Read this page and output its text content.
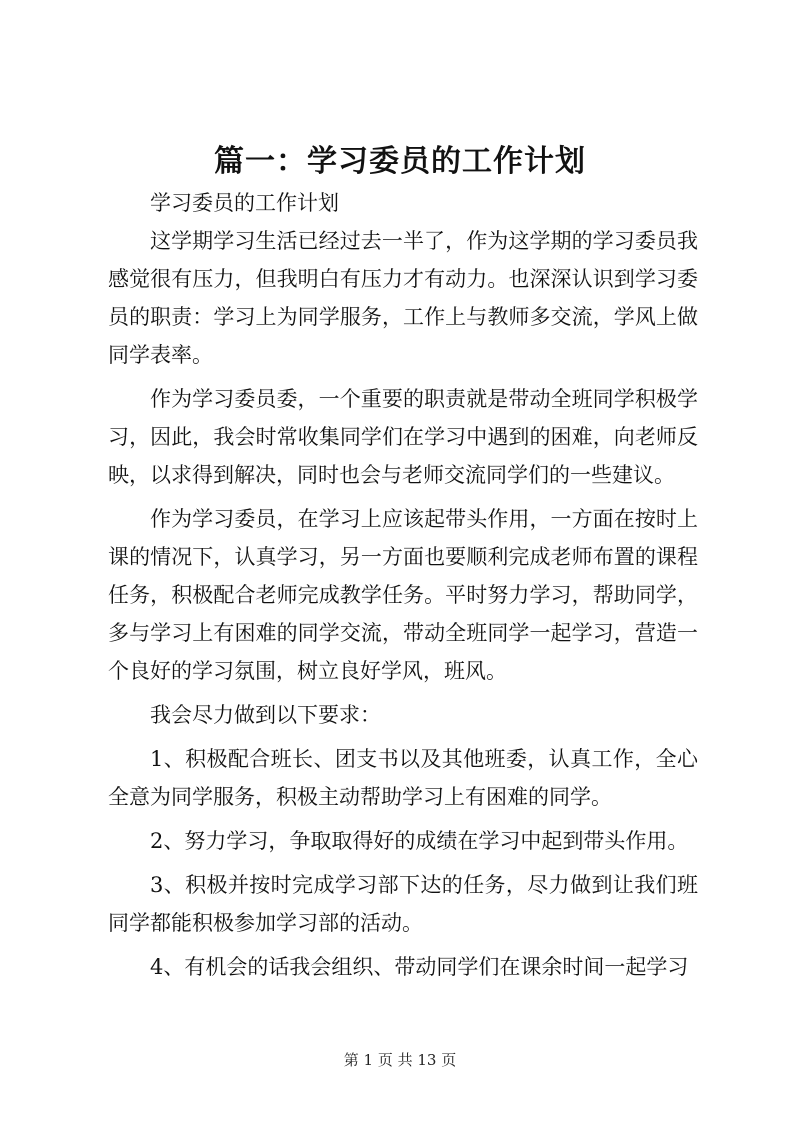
篇一：学习委员的工作计划

学习委员的工作计划

这学期学习生活已经过去一半了，作为这学期的学习委员我感觉很有压力，但我明白有压力才有动力。也深深认识到学习委员的职责：学习上为同学服务，工作上与教师多交流，学风上做同学表率。

作为学习委员委，一个重要的职责就是带动全班同学积极学习，因此，我会时常收集同学们在学习中遇到的困难，向老师反映，以求得到解决，同时也会与老师交流同学们的一些建议。

作为学习委员，在学习上应该起带头作用，一方面在按时上课的情况下，认真学习，另一方面也要顺利完成老师布置的课程任务，积极配合老师完成教学任务。平时努力学习，帮助同学，多与学习上有困难的同学交流，带动全班同学一起学习，营造一个良好的学习氛围，树立良好学风，班风。

我会尽力做到以下要求：

1、积极配合班长、团支书以及其他班委，认真工作，全心全意为同学服务，积极主动帮助学习上有困难的同学。

2、努力学习，争取取得好的成绩在学习中起到带头作用。

3、积极并按时完成学习部下达的任务，尽力做到让我们班同学都能积极参加学习部的活动。

4、有机会的话我会组织、带动同学们在课余时间一起学习

第 1 页 共 13 页
